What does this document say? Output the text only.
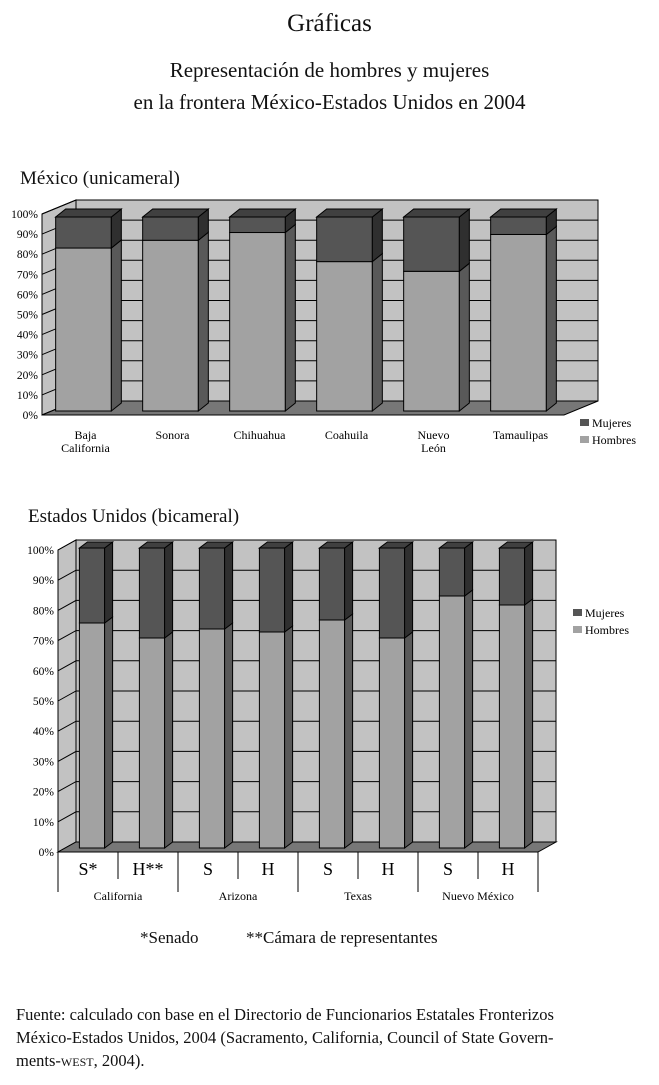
Gráficas
Representación de hombres y mujeres
en la frontera México-Estados Unidos en 2004
México (unicameral)
0%
10%
20%
30%
40%
50%
60%
70%
80%
90%
100%
Mujeres
Hombres
Baja
California
Sonora	Chihuahua	Coahuila	Nuevo
León
Tamaulipas
Estados Unidos (bicameral)
0%
10%
20%
30%
40%
50%
60%
70%
80%
90%
100%
Mujeres
Hombres
S* H** S	H	S	H	S	H
California	Arizona	Texas	Nuevo México
*Senado	**Cámara de representantes
Fuente: calculado con base en el Directorio de Funcionarios Estatales Fronterizos
México-Estados Unidos, 2004 (Sacramento, California, Council of State Govern-
ments-west, 2004).
